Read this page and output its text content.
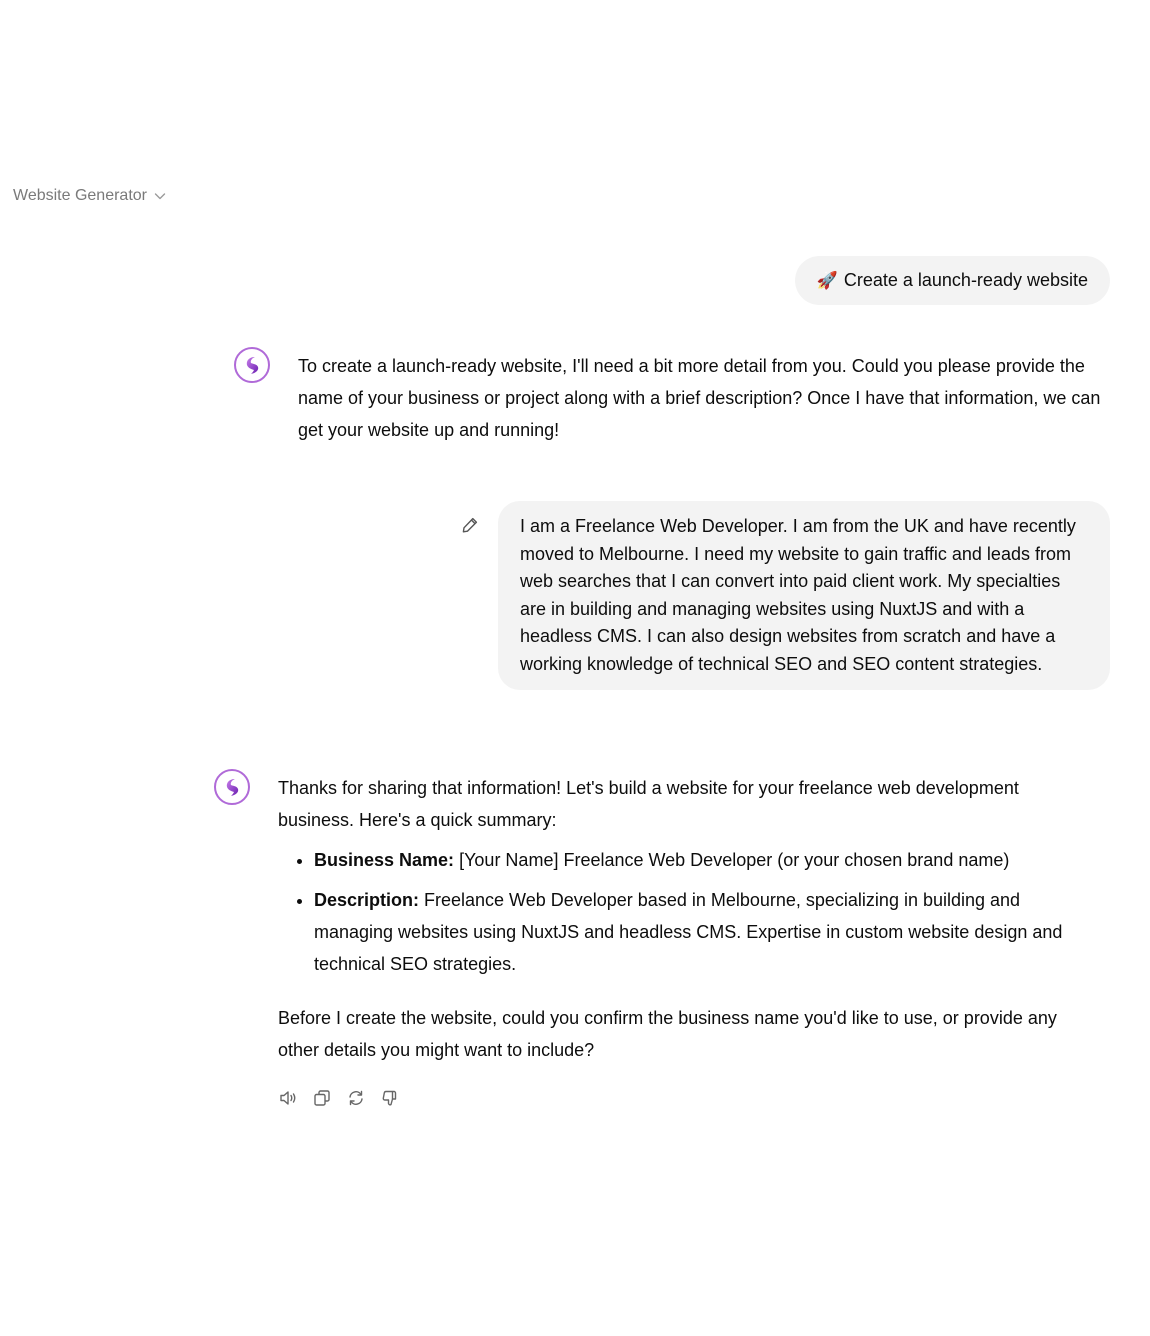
Website Generator
🚀 Create a launch-ready website
To create a launch-ready website, I'll need a bit more detail from you. Could you please provide the name of your business or project along with a brief description? Once I have that information, we can get your website up and running!
I am a Freelance Web Developer. I am from the UK and have recently moved to Melbourne. I need my website to gain traffic and leads from web searches that I can convert into paid client work. My specialties are in building and managing websites using NuxtJS and with a headless CMS. I can also design websites from scratch and have a working knowledge of technical SEO and SEO content strategies.
Thanks for sharing that information! Let's build a website for your freelance web development business. Here's a quick summary:
• Business Name: [Your Name] Freelance Web Developer (or your chosen brand name)
• Description: Freelance Web Developer based in Melbourne, specializing in building and managing websites using NuxtJS and headless CMS. Expertise in custom website design and technical SEO strategies.
Before I create the website, could you confirm the business name you'd like to use, or provide any other details you might want to include?
